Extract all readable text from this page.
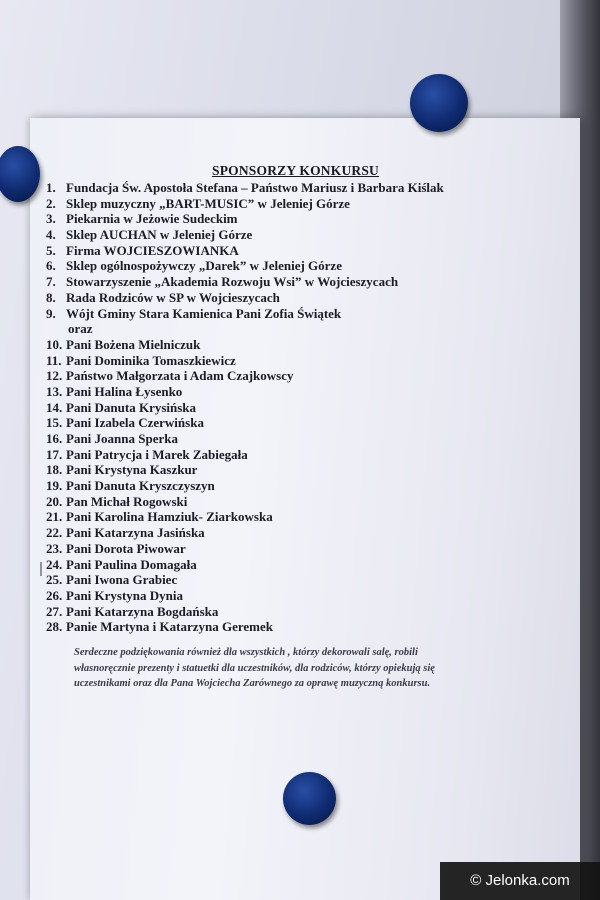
SPONSORZY KONKURSU
1. Fundacja Św. Apostoła Stefana – Państwo Mariusz i Barbara Kiślak
2. Sklep muzyczny „BART-MUSIC” w Jeleniej Górze
3. Piekarnia w Jeżowie Sudeckim
4. Sklep AUCHAN w Jeleniej Górze
5. Firma WOJCIESZOWIANKA
6. Sklep ogólnospożywczy „Darek” w Jeleniej Górze
7. Stowarzyszenie „Akademia Rozwoju Wsi” w Wojcieszycach
8. Rada Rodziców w SP w Wojcieszycach
9. Wójt Gminy Stara Kamienica Pani Zofia Świątek
oraz
10. Pani Bożena Mielniczuk
11. Pani Dominika Tomaszkiewicz
12. Państwo Małgorzata i Adam Czajkowscy
13. Pani Halina Łysenko
14. Pani Danuta Krysińska
15. Pani Izabela Czerwińska
16. Pani Joanna Sperka
17. Pani Patrycja i Marek Zabiegała
18. Pani Krystyna Kaszkur
19. Pani Danuta Kryszczyszyn
20. Pan Michał Rogowski
21. Pani Karolina Hamziuk- Ziarkowska
22. Pani Katarzyna Jasińska
23. Pani Dorota Piwowar
24. Pani Paulina Domagała
25. Pani Iwona Grabiec
26. Pani Krystyna Dynia
27. Pani Katarzyna Bogdańska
28. Panie Martyna i Katarzyna Geremek

Serdeczne podziękowania również dla wszystkich , którzy dekorowali salę, robili
własnoręcznie prezenty i statuetki dla uczestników, dla rodziców, którzy opiekują się
uczestnikami oraz dla Pana Wojciecha Zarównego za oprawę muzyczną konkursu.

© Jelonka.com
